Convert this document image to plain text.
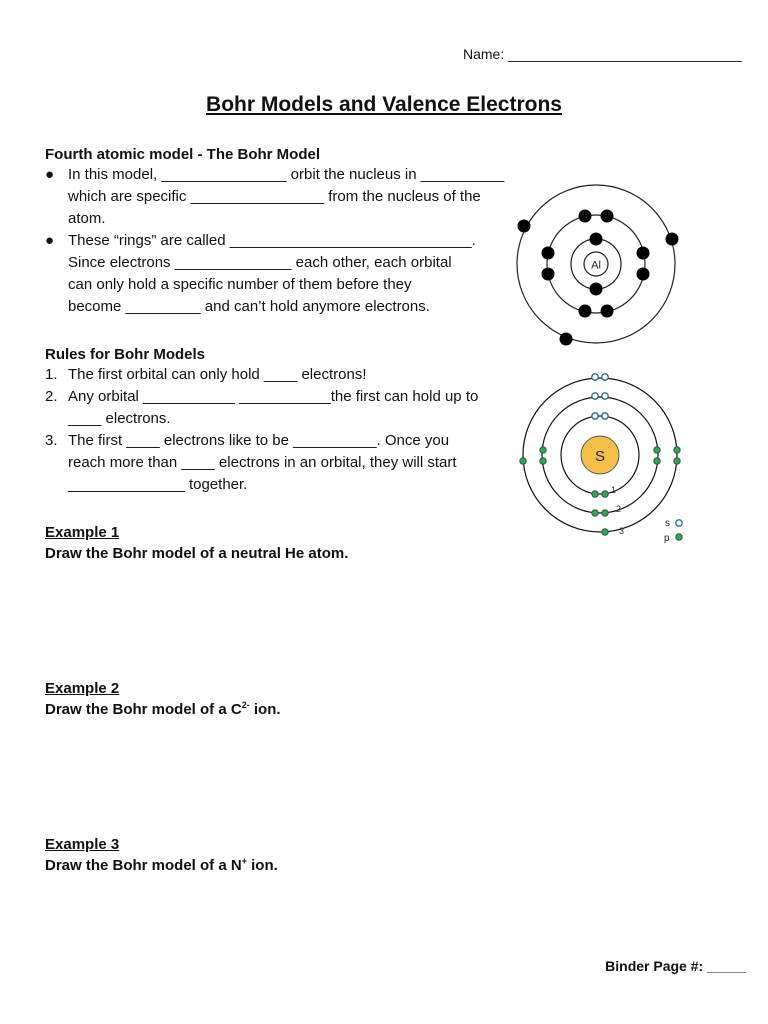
Name: ______________________________
Bohr Models and Valence Electrons
Fourth atomic model - The Bohr Model
● In this model, _______________ orbit the nucleus in __________
which are specific ________________ from the nucleus of the
atom.
● These “rings” are called _____________________________.
Since electrons ______________ each other, each orbital
can only hold a specific number of them before they
become _________ and can’t hold anymore electrons.
Rules for Bohr Models
1. The first orbital can only hold ____ electrons!
2. Any orbital ___________ ___________the first can hold up to
____ electrons.
3. The first ____ electrons like to be __________. Once you
reach more than ____ electrons in an orbital, they will start
______________ together.
Al
S
1
2
3
s
p
Example 1
Draw the Bohr model of a neutral He atom.
Example 2
Draw the Bohr model of a $C^{2-}$ ion.
Example 3
Draw the Bohr model of a N+ ion.
Binder Page #: _____
